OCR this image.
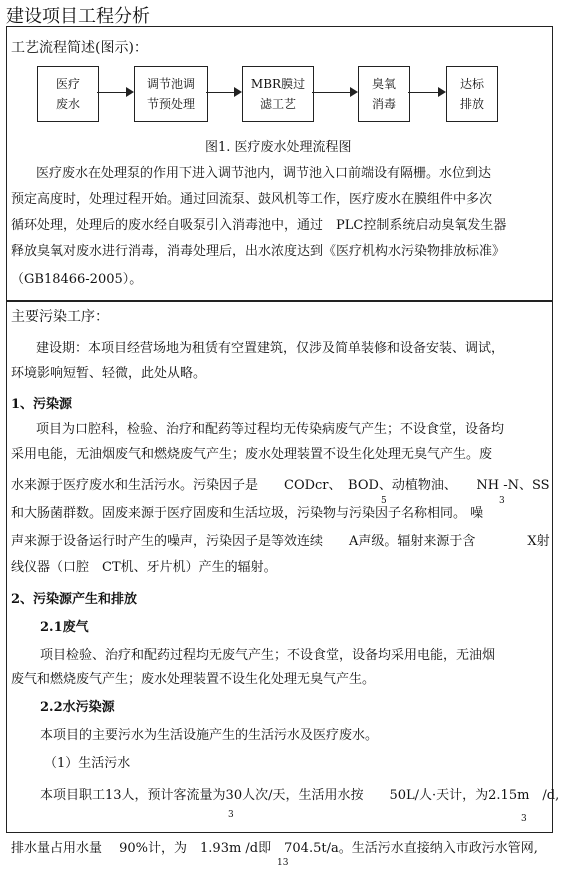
建设项目工程分析
工艺流程简述(图示)：
医疗
废水
调节池调
节预处理
MBR膜过
滤工艺
臭氧
消毒
达标
排放
图1. 医疗废水处理流程图
医疗废水在处理泵的作用下进入调节池内，调节池入口前端设有隔栅。水位到达
预定高度时，处理过程开始。通过回流泵、鼓风机等工作，医疗废水在膜组件中多次
循环处理，处理后的废水经自吸泵引入消毒池中，通过　PLC控制系统启动臭氧发生器
释放臭氧对废水进行消毒，消毒处理后，出水浓度达到《医疗机构水污染物排放标准》
（GB18466-2005）。
主要污染工序：
建设期：本项目经营场地为租赁有空置建筑，仅涉及简单装修和设备安装、调试，
环境影响短暂、轻微，此处从略。
1、污染源
项目为口腔科，检验、治疗和配药等过程均无传染病废气产生；不设食堂，设备均
采用电能，无油烟废气和燃烧废气产生；废水处理装置不设生化处理无臭气产生。废
水来源于医疗废水和生活污水。污染因子是　　CODcr、　BOD、动植物油、　　NH -N、SS
5	3
和大肠菌群数。固废来源于医疗固废和生活垃圾，污染物与污染因子名称相同。 噪
声来源于设备运行时产生的噪声，污染因子是等效连续　　A声级。辐射来源于含　　　　X射
线仪器（口腔　CT机、牙片机）产生的辐射。
2、污染源产生和排放
2.1废气
项目检验、治疗和配药过程均无废气产生；不设食堂，设备均采用电能，无油烟
废气和燃烧废气产生；废水处理装置不设生化处理无臭气产生。
2.2水污染源
本项目的主要污水为生活设施产生的生活污水及医疗废水。
（1）生活污水
本项目职工13人，预计客流量为30人次/天，生活用水按　　50L/人·天计，为2.15m　/d,
3	3
排水量占用水量　 90%计，为　1.93m /d即　704.5t/a。生活污水直接纳入市政污水管网,
13
